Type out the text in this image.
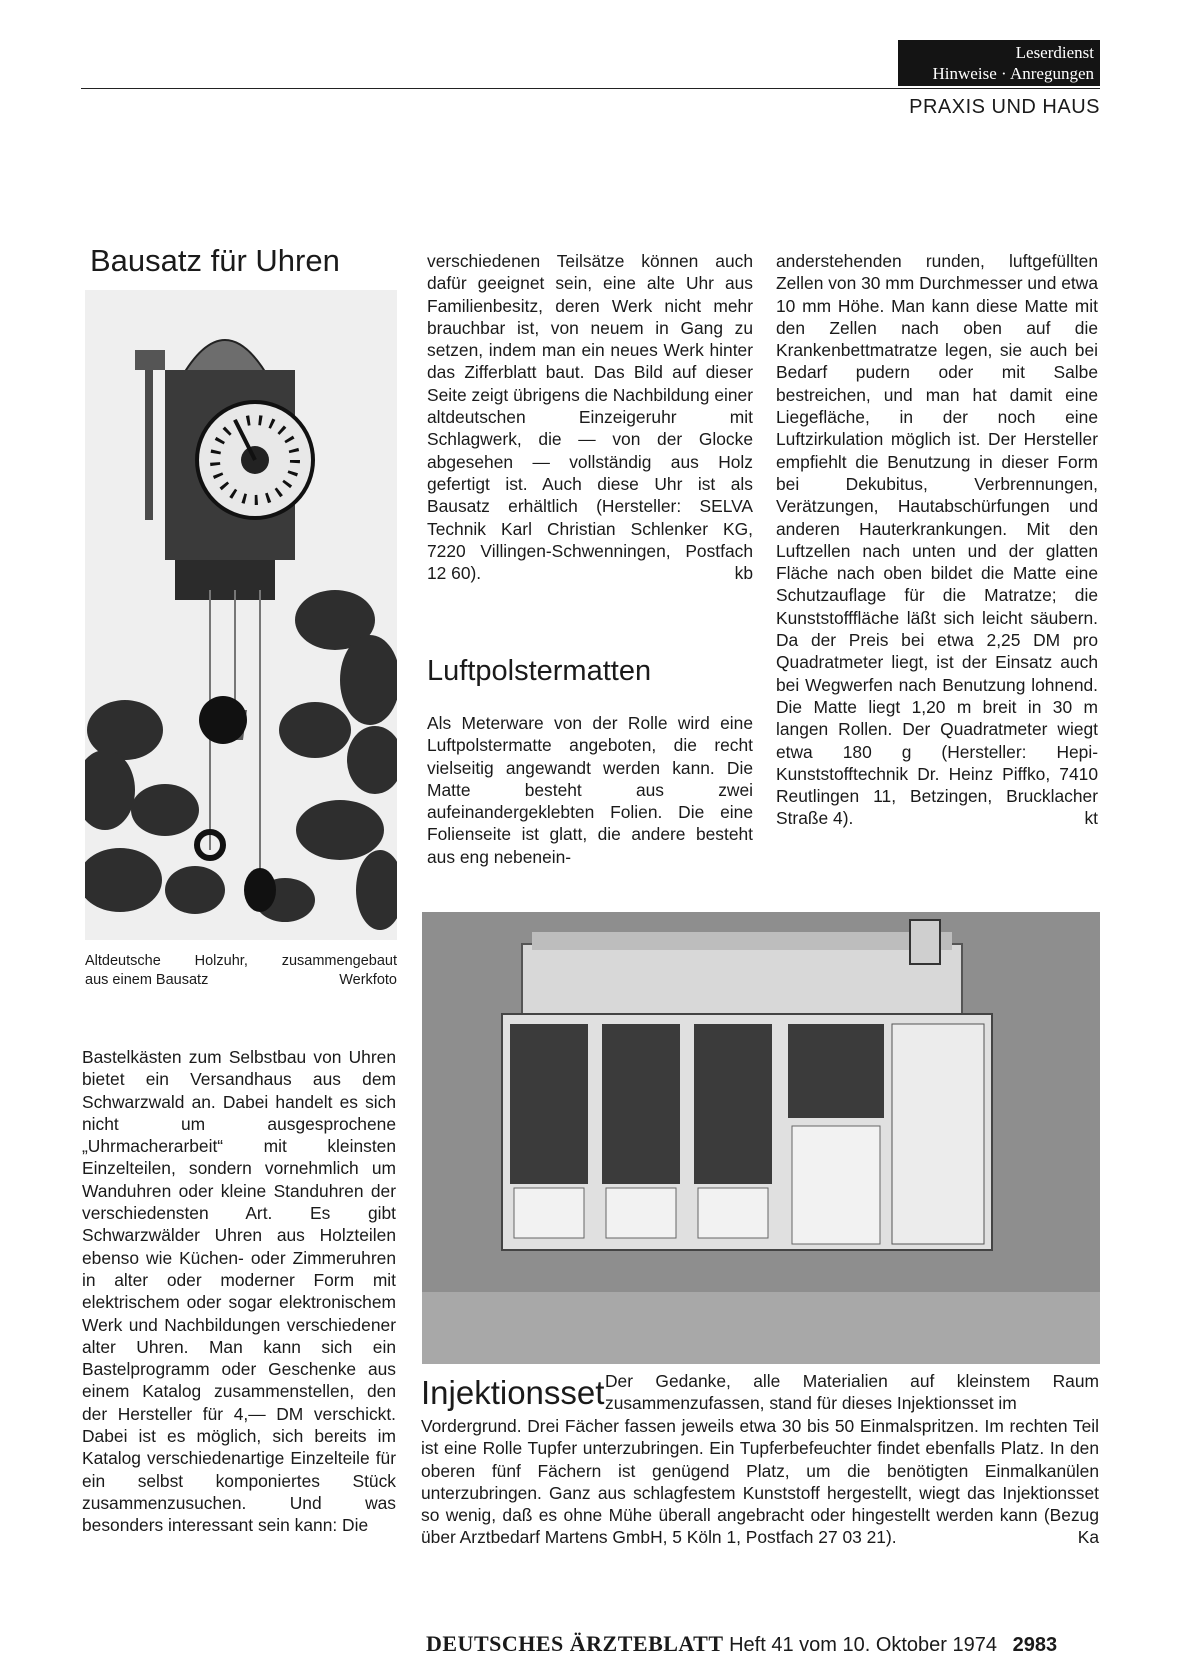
Leserdienst
Hinweise · Anregungen
PRAXIS UND HAUS
Bausatz für Uhren
Altdeutsche Holzuhr, zusammengebaut
Werkfoto
aus einem Bausatz

Bastelkästen zum Selbstbau von Uhren bietet ein Versandhaus aus dem Schwarzwald an. Dabei handelt es sich nicht um ausgesprochene „Uhrmacherarbeit“ mit kleinsten Einzelteilen, sondern vornehmlich um Wanduhren oder kleine Standuhren der verschiedensten Art. Es gibt Schwarzwälder Uhren aus Holzteilen ebenso wie Küchen- oder Zimmeruhren in alter oder moderner Form mit elektrischem oder sogar elektronischem Werk und Nachbildungen verschiedener alter Uhren. Man kann sich ein Bastelprogramm oder Geschenke aus einem Katalog zusammenstellen, den der Hersteller für 4,— DM verschickt. Dabei ist es möglich, sich bereits im Katalog verschiedenartige Einzelteile für ein selbst komponiertes Stück zusammenzusuchen. Und was besonders interessant sein kann: Die

verschiedenen Teilsätze können auch dafür geeignet sein, eine alte Uhr aus Familienbesitz, deren Werk nicht mehr brauchbar ist, von neuem in Gang zu setzen, indem man ein neues Werk hinter das Zifferblatt baut. Das Bild auf dieser Seite zeigt übrigens die Nachbildung einer altdeutschen Einzeigeruhr mit Schlagwerk, die — von der Glocke abgesehen — vollständig aus Holz gefertigt ist. Auch diese Uhr ist als Bausatz erhältlich (Hersteller: SELVA Technik Karl Christian Schlenker KG, 7220 Villingen-Schwenningen, Postfach 12 60).	kb

Luftpolstermatten

Als Meterware von der Rolle wird eine Luftpolstermatte angeboten, die recht vielseitig angewandt werden kann. Die Matte besteht aus zwei aufeinandergeklebten Folien. Die eine Folienseite ist glatt, die andere besteht aus eng nebenein-

anderstehenden runden, luftgefüllten Zellen von 30 mm Durchmesser und etwa 10 mm Höhe. Man kann diese Matte mit den Zellen nach oben auf die Krankenbettmatratze legen, sie auch bei Bedarf pudern oder mit Salbe bestreichen, und man hat damit eine Liegefläche, in der noch eine Luftzirkulation möglich ist. Der Hersteller empfiehlt die Benutzung in dieser Form bei Dekubitus, Verbrennungen, Verätzungen, Hautabschürfungen und anderen Hauterkrankungen. Mit den Luftzellen nach unten und der glatten Fläche nach oben bildet die Matte eine Schutzauflage für die Matratze; die Kunststofffläche läßt sich leicht säubern. Da der Preis bei etwa 2,25 DM pro Quadratmeter liegt, ist der Einsatz auch bei Wegwerfen nach Benutzung lohnend. Die Matte liegt 1,20 m breit in 30 m langen Rollen. Der Quadratmeter wiegt etwa 180 g (Hersteller: Hepi-Kunststofftechnik Dr. Heinz Piffko, 7410 Reutlingen 11, Betzingen, Brucklacher Straße 4).	kt

Injektionsset Der Gedanke, alle Materialien auf kleinstem Raum zusammenzufassen, stand für dieses Injektionsset im

Vordergrund. Drei Fächer fassen jeweils etwa 30 bis 50 Einmalspritzen. Im rechten Teil ist eine Rolle Tupfer unterzubringen. Ein Tupferbefeuchter findet ebenfalls Platz. In den oberen fünf Fächern ist genügend Platz, um die benötigten Einmalkanülen unterzubringen. Ganz aus schlagfestem Kunststoff hergestellt, wiegt das Injektionsset so wenig, daß es ohne Mühe überall angebracht oder hingestellt werden kann (Bezug über Arztbedarf Martens GmbH, 5 Köln 1, Postfach 27 03 21).	Ka

DEUTSCHES ÄRZTEBLATT Heft 41 vom 10. Oktober 1974 2983
